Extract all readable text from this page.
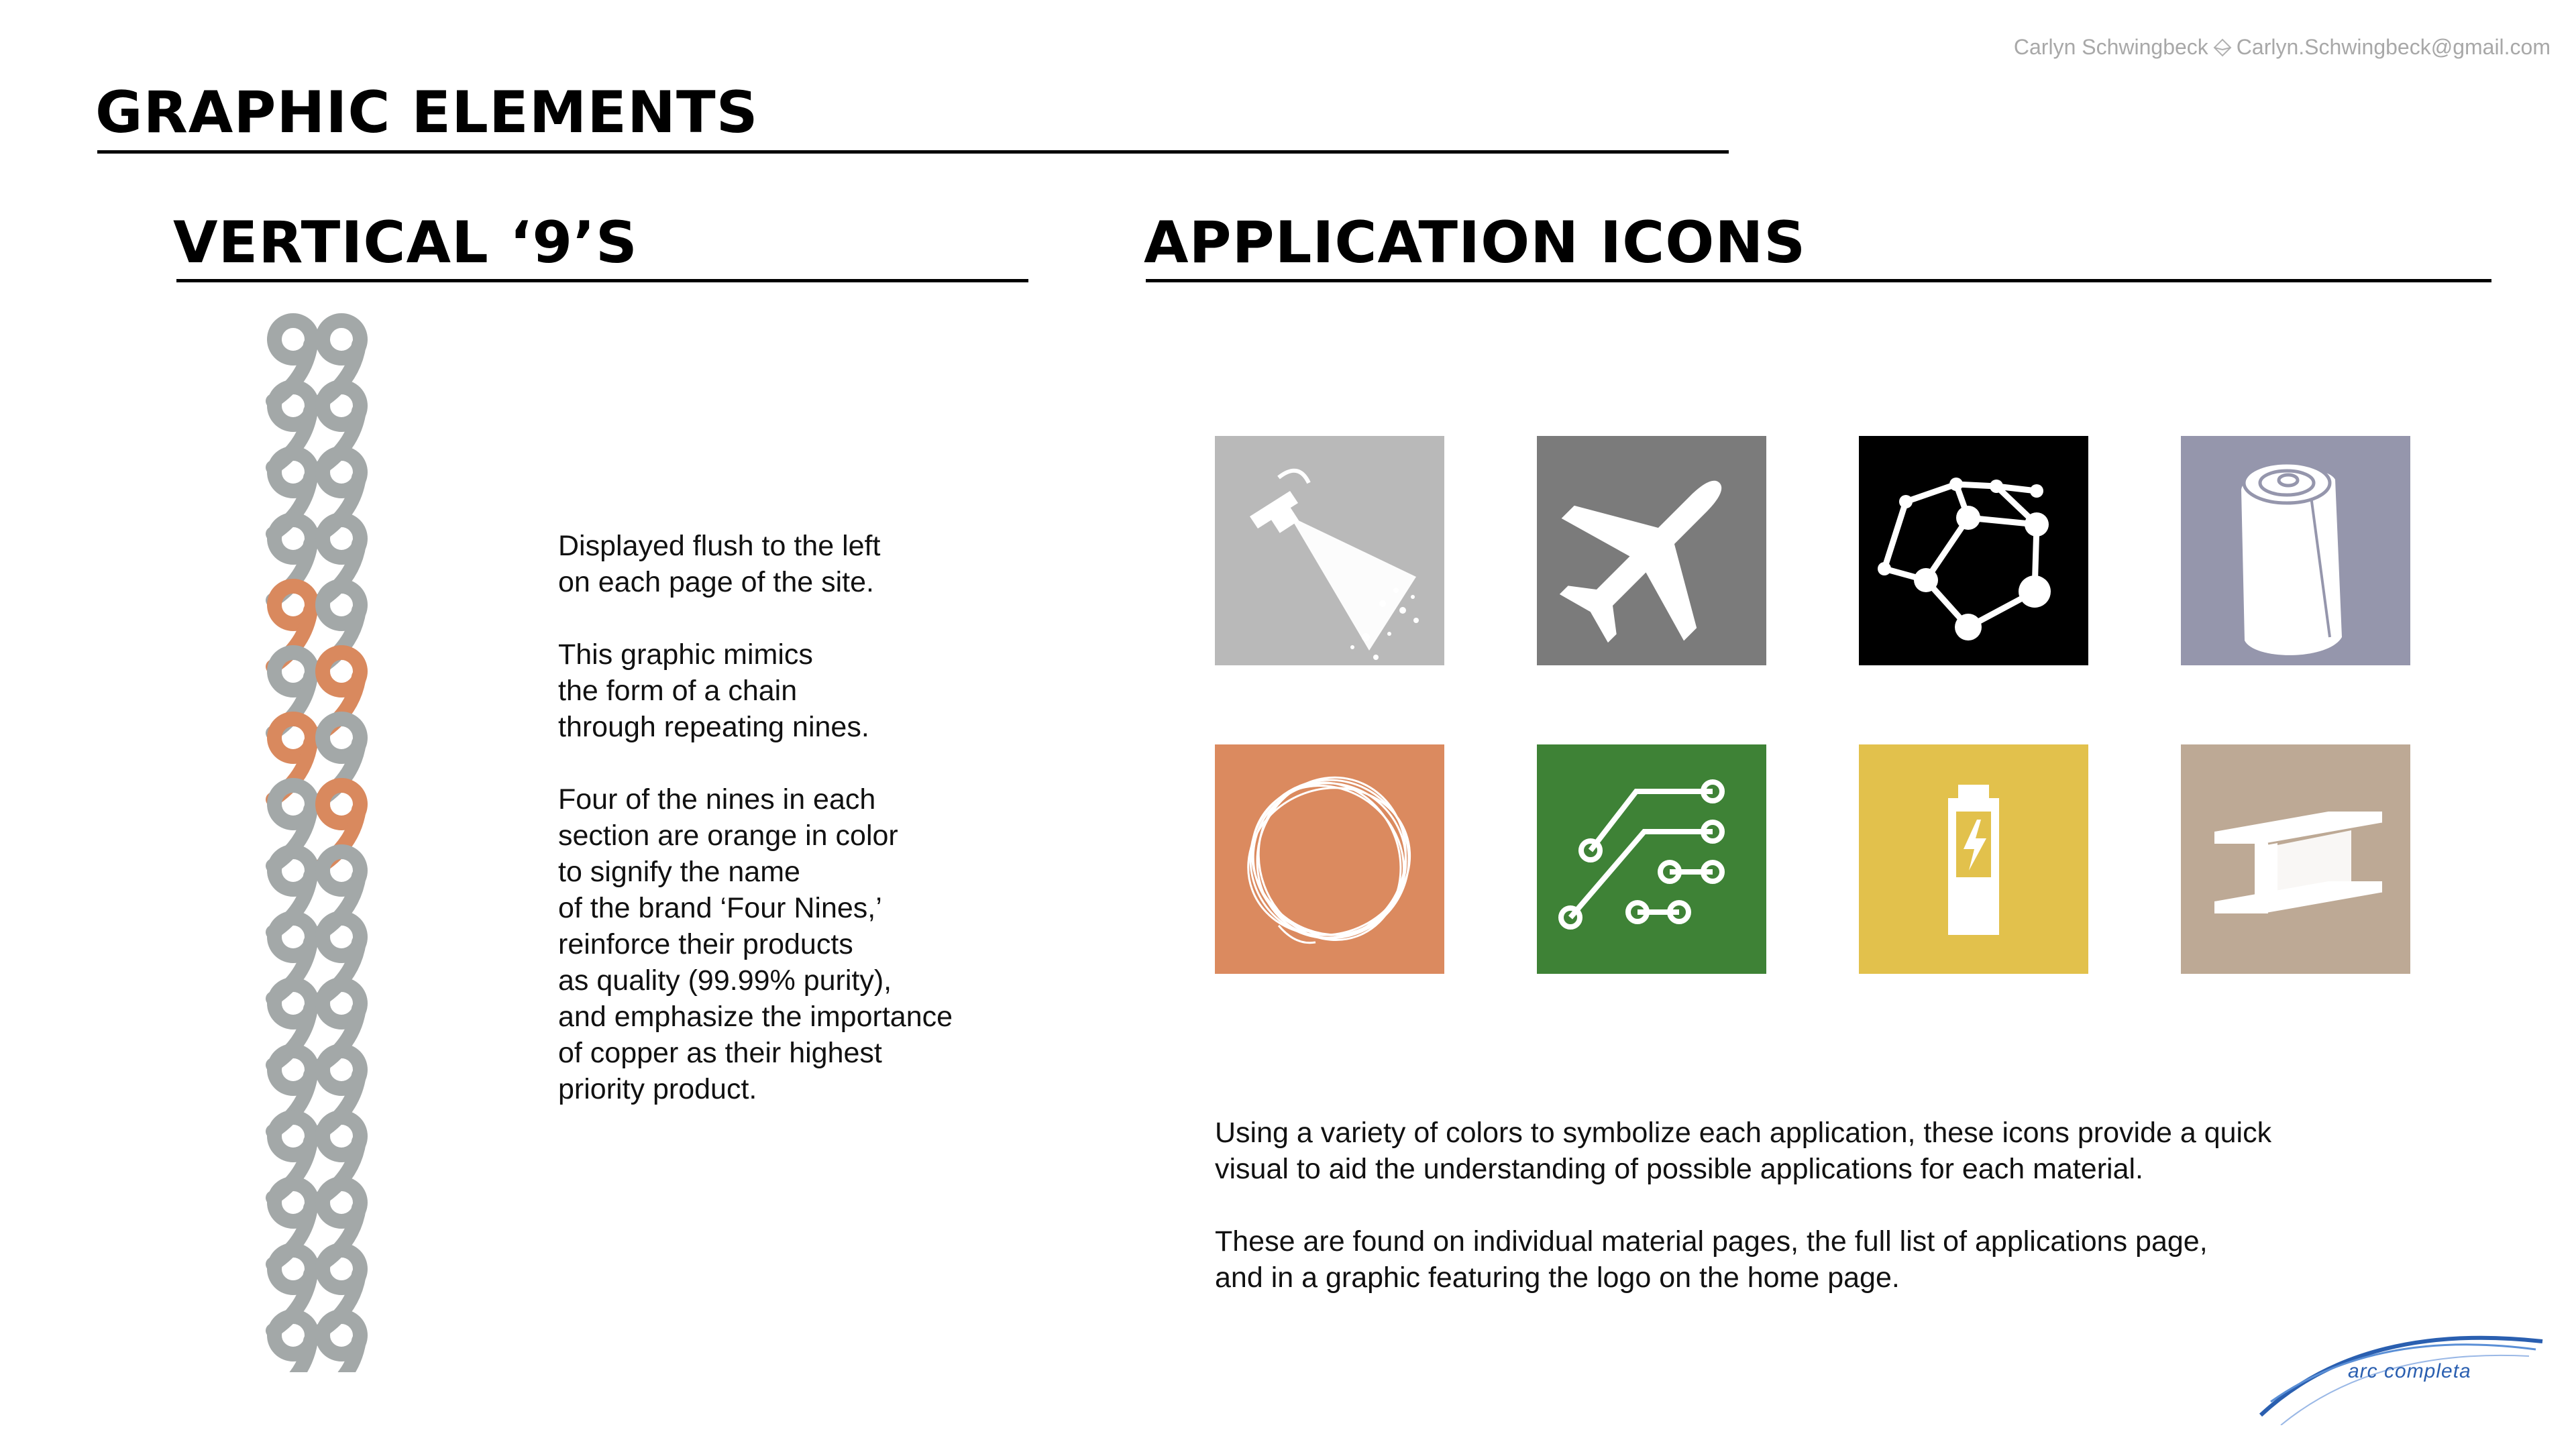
Carlyn Schwingbeck Carlyn.Schwingbeck@gmail.com
GRAPHIC ELEMENTS
VERTICAL ‘9’S	APPLICATION ICONS

Displayed flush to the left
on each page of the site.

This graphic mimics
the form of a chain
through repeating nines.

Four of the nines in each
section are orange in color
to signify the name
of the brand ‘Four Nines,’
reinforce their products
as quality (99.99% purity),
and emphasize the importance
of copper as their highest
priority product.

Using a variety of colors to symbolize each application, these icons provide a quick
visual to aid the understanding of possible applications for each material.

These are found on individual material pages, the full list of applications page,
and in a graphic featuring the logo on the home page.

arc completa
